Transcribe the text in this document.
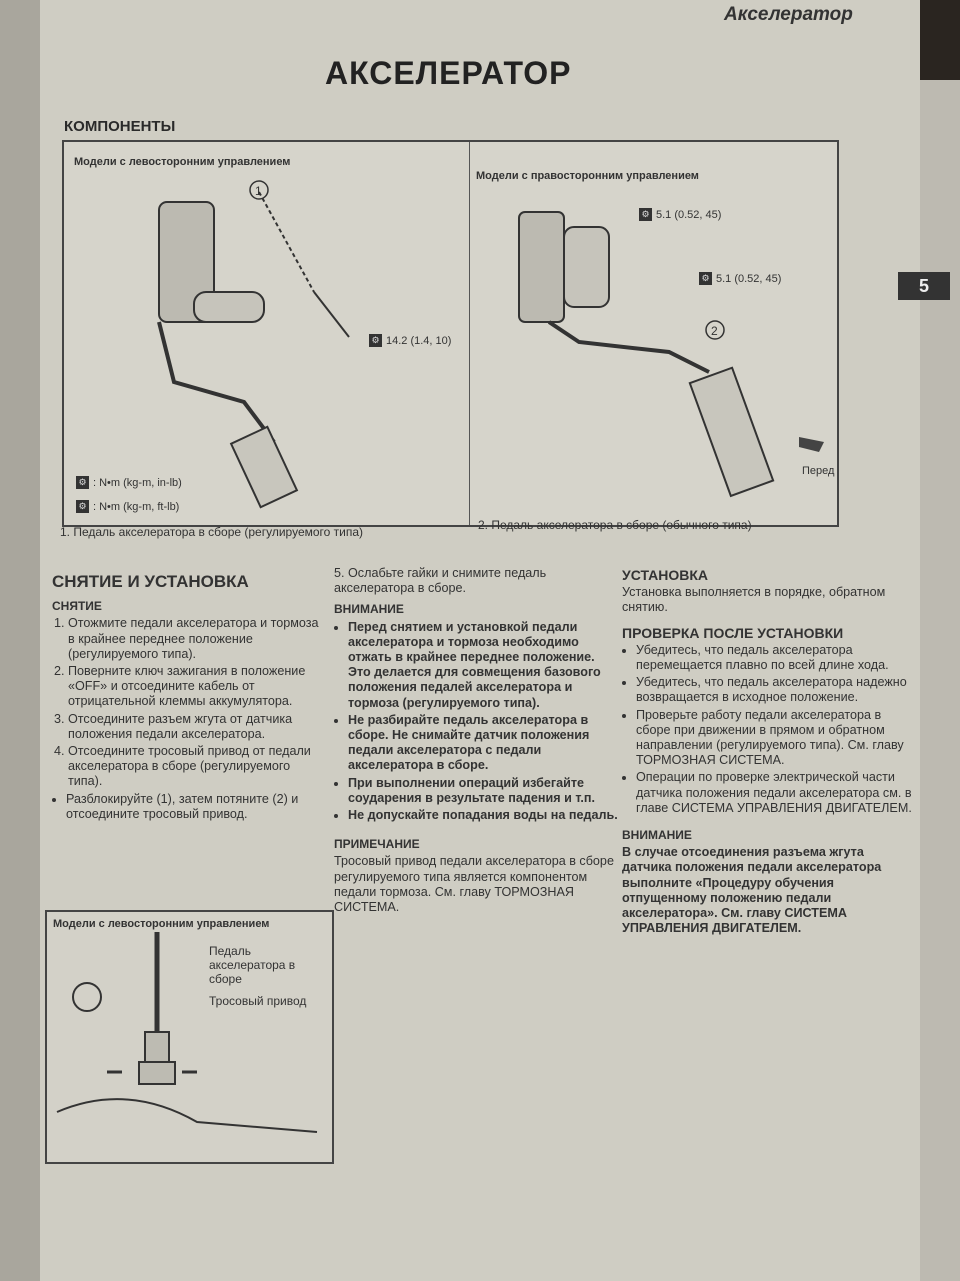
Акселератор
АКСЕЛЕРАТОР
КОМПОНЕНТЫ
Модели с левосторонним управлением
Модели с правосторонним управлением
1
⚙ 14.2 (1.4, 10)
⚙ : N•m (kg-m, in-lb)
⚙ : N•m (kg-m, ft-lb)
2
⚙ 5.1 (0.52, 45)
⚙ 5.1 (0.52, 45)
Перед
1. Педаль акселератора в сборе (регулируемого типа)	2. Педаль акселератора в сборе (обычного типа)
5
СНЯТИЕ И УСТАНОВКА
СНЯТИЕ
1. Отожмите педали акселератора и тормоза в крайнее переднее положение (регулируемого типа).
2. Поверните ключ зажигания в положение «OFF» и отсоедините кабель от отрицательной клеммы аккумулятора.
3. Отсоедините разъем жгута от датчика положения педали акселератора.
4. Отсоедините тросовый привод от педали акселератора в сборе (регулируемого типа).
• Разблокируйте (1), затем потяните (2) и отсоедините тросовый привод.
Модели с левосторонним управлением
Педаль акселератора в сборе
Тросовый привод
5. Ослабьте гайки и снимите педаль акселератора в сборе.
ВНИМАНИЕ
• Перед снятием и установкой педали акселератора и тормоза необходимо отжать в крайнее переднее положение. Это делается для совмещения базового положения педалей акселератора и тормоза (регулируемого типа).
• Не разбирайте педаль акселератора в сборе. Не снимайте датчик положения педали акселератора с педали акселератора в сборе.
• При выполнении операций избегайте соударения в результате падения и т.п.
• Не допускайте попадания воды на педаль.
ПРИМЕЧАНИЕ
Тросовый привод педали акселератора в сборе регулируемого типа является компонентом педали тормоза. См. главу ТОРМОЗНАЯ СИСТЕМА.
УСТАНОВКА
Установка выполняется в порядке, обратном снятию.
ПРОВЕРКА ПОСЛЕ УСТАНОВКИ
• Убедитесь, что педаль акселератора перемещается плавно по всей длине хода.
• Убедитесь, что педаль акселератора надежно возвращается в исходное положение.
• Проверьте работу педали акселератора в сборе при движении в прямом и обратном направлении (регулируемого типа). См. главу ТОРМОЗНАЯ СИСТЕМА.
• Операции по проверке электрической части датчика положения педали акселератора см. в главе СИСТЕМА УПРАВЛЕНИЯ ДВИГАТЕЛЕМ.
ВНИМАНИЕ
В случае отсоединения разъема жгута датчика положения педали акселератора выполните «Процедуру обучения отпущенному положению педали акселератора». См. главу СИСТЕМА УПРАВЛЕНИЯ ДВИГАТЕЛЕМ.
